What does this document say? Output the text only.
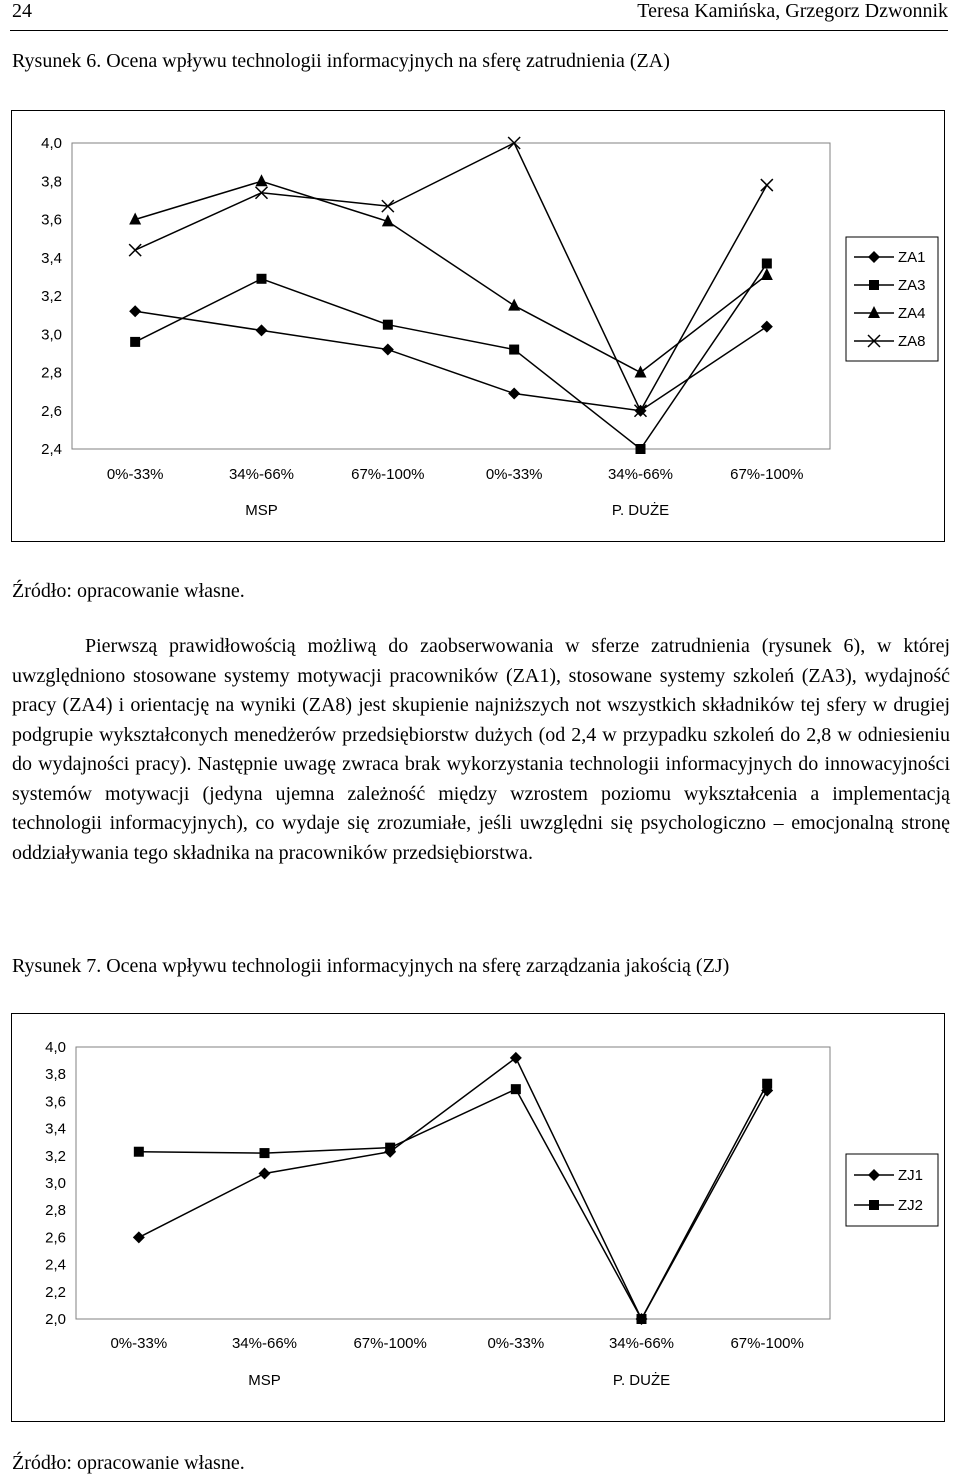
24	Teresa Kamińska, Grzegorz Dzwonnik
Rysunek 6. Ocena wpływu technologii informacyjnych na sferę zatrudnienia (ZA)
2,4
2,6
2,8
3,0
3,2
3,4
3,6
3,8
4,0
0%-33%	34%-66%	67%-100%	0%-33%	34%-66%	67%-100%
MSP	P. DUŻE
ZA1
ZA3
ZA4
ZA8
Źródło: opracowanie własne.

Pierwszą prawidłowością możliwą do zaobserwowania w sferze zatrudnienia (rysunek 6), w której uwzględniono stosowane systemy motywacji pracowników (ZA1), stosowane systemy szkoleń (ZA3), wydajność pracy (ZA4) i orientację na wyniki (ZA8) jest skupienie najniższych not wszystkich składników tej sfery w drugiej podgrupie wykształconych menedżerów przedsiębiorstw dużych (od 2,4 w przypadku szkoleń do 2,8 w odniesieniu do wydajności pracy). Następnie uwagę zwraca brak wykorzystania technologii informacyjnych do innowacyjności systemów motywacji (jedyna ujemna zależność między wzrostem poziomu wykształcenia a implementacją technologii informacyjnych), co wydaje się zrozumiałe, jeśli uwzględni się psychologiczno – emocjonalną stronę oddziaływania tego składnika na pracowników przedsiębiorstwa.

Rysunek 7. Ocena wpływu technologii informacyjnych na sferę zarządzania jakością (ZJ)
2,0
2,2
2,4
2,6
2,8
3,0
3,2
3,4
3,6
3,8
4,0
0%-33%	34%-66%	67%-100%	0%-33%	34%-66%	67%-100%
MSP	P. DUŻE
ZJ1
ZJ2
Źródło: opracowanie własne.
